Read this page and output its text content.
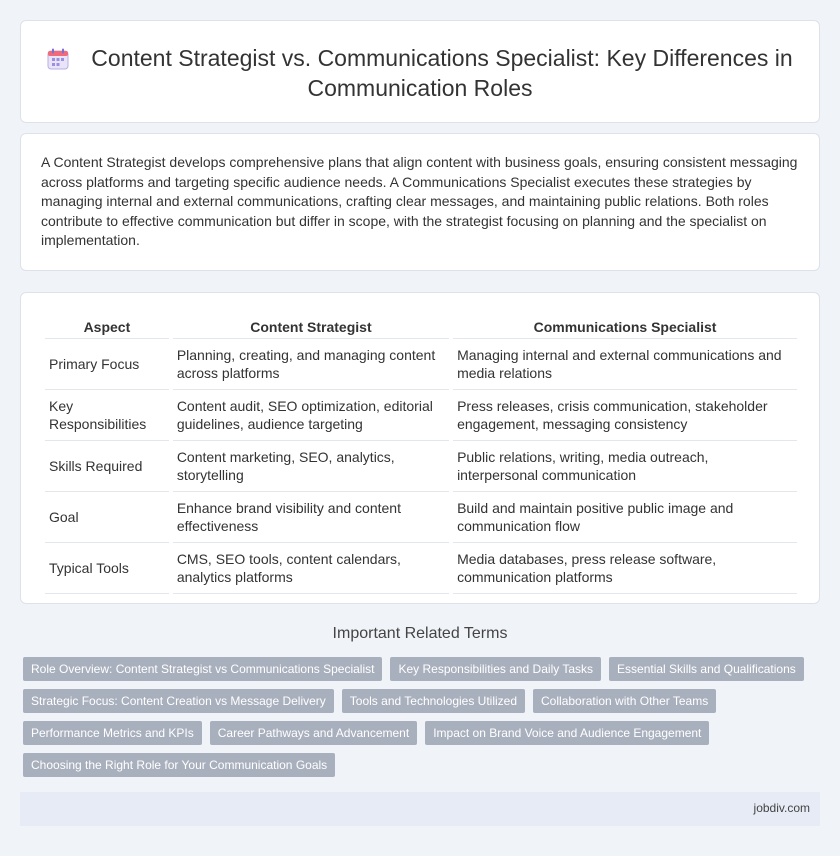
Content Strategist vs. Communications Specialist: Key Differences in Communication Roles

A Content Strategist develops comprehensive plans that align content with business goals, ensuring consistent messaging across platforms and targeting specific audience needs. A Communications Specialist executes these strategies by managing internal and external communications, crafting clear messages, and maintaining public relations. Both roles contribute to effective communication but differ in scope, with the strategist focusing on planning and the specialist on implementation.

Aspect	Content Strategist	Communications Specialist
Primary Focus	Planning, creating, and managing content across platforms	Managing internal and external communications and media relations
Key Responsibilities	Content audit, SEO optimization, editorial guidelines, audience targeting	Press releases, crisis communication, stakeholder engagement, messaging consistency
Skills Required	Content marketing, SEO, analytics, storytelling	Public relations, writing, media outreach, interpersonal communication
Goal	Enhance brand visibility and content effectiveness	Build and maintain positive public image and communication flow
Typical Tools	CMS, SEO tools, content calendars, analytics platforms	Media databases, press release software, communication platforms
Important Related Terms
Role Overview: Content Strategist vs Communications Specialist	Key Responsibilities and Daily Tasks	Essential Skills and Qualifications
Strategic Focus: Content Creation vs Message Delivery	Tools and Technologies Utilized	Collaboration with Other Teams
Performance Metrics and KPIs	Career Pathways and Advancement	Impact on Brand Voice and Audience Engagement
Choosing the Right Role for Your Communication Goals
jobdiv.com
